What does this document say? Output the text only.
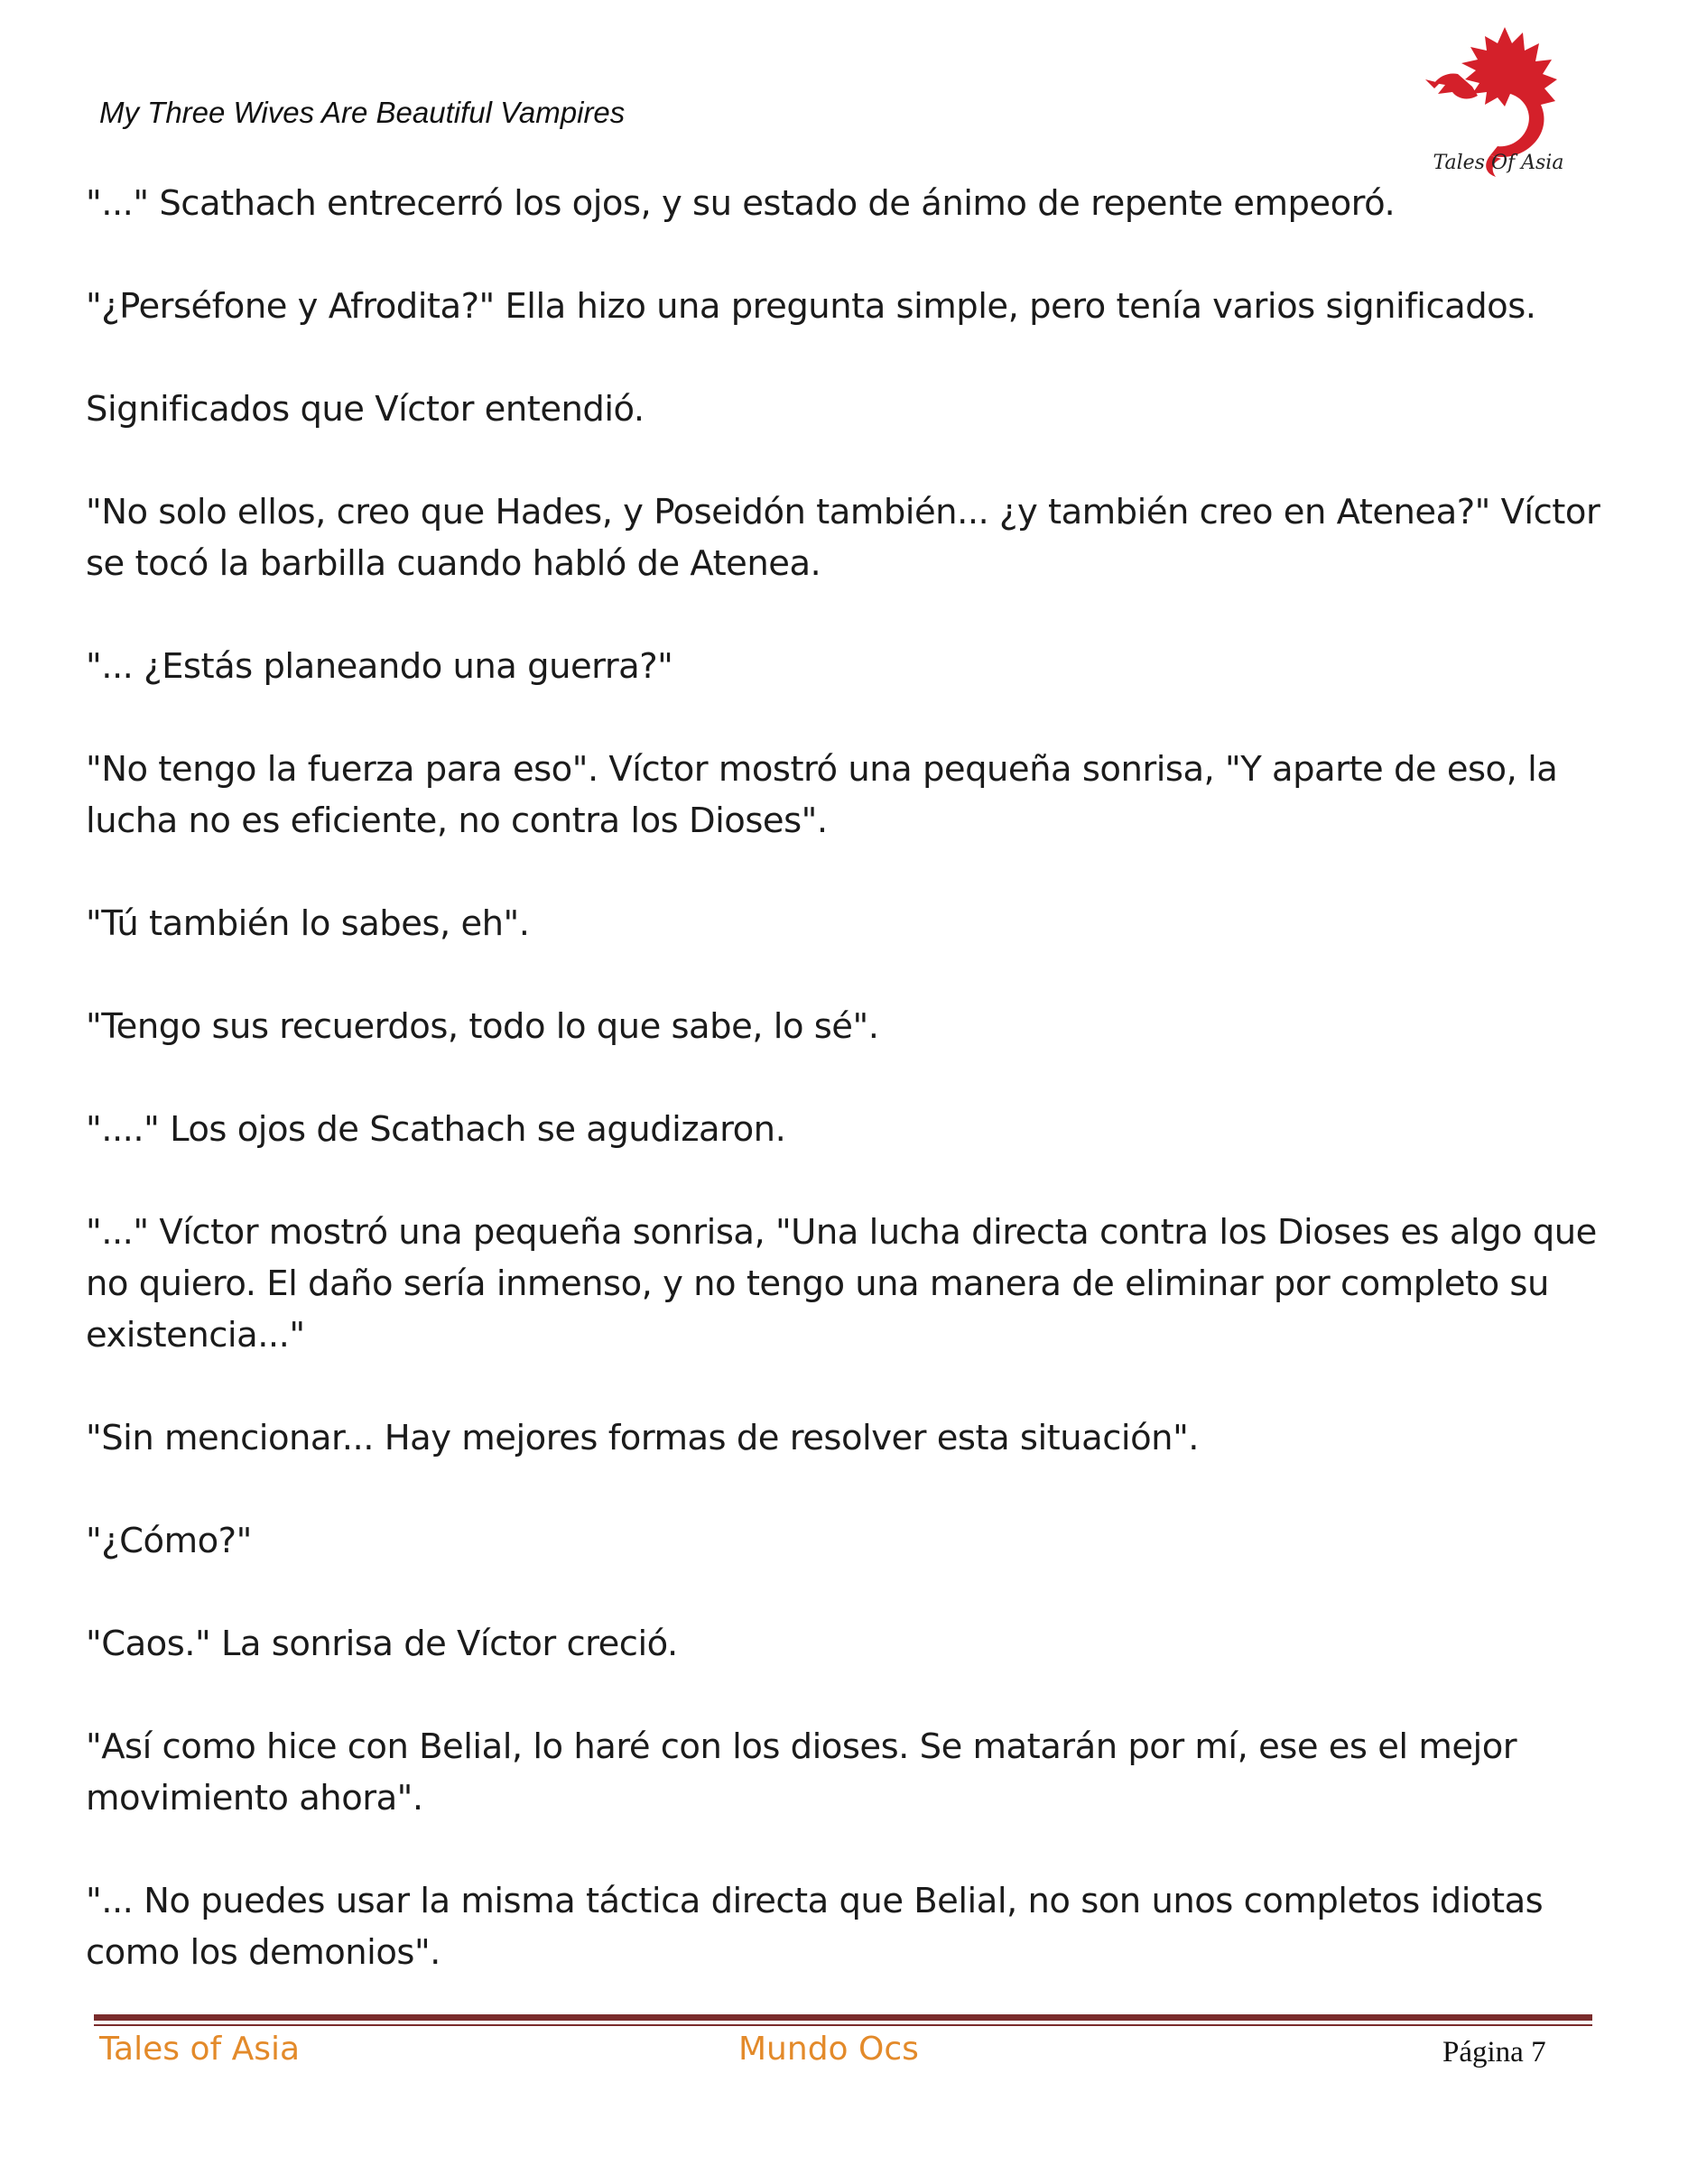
My Three Wives Are Beautiful Vampires
Tales Of Asia

"..." Scathach entrecerró los ojos, y su estado de ánimo de repente empeoró.

"¿Perséfone y Afrodita?" Ella hizo una pregunta simple, pero tenía varios significados.

Significados que Víctor entendió.

"No solo ellos, creo que Hades, y Poseidón también... ¿y también creo en Atenea?" Víctor se tocó la barbilla cuando habló de Atenea.

"... ¿Estás planeando una guerra?"

"No tengo la fuerza para eso". Víctor mostró una pequeña sonrisa, "Y aparte de eso, la lucha no es eficiente, no contra los Dioses".

"Tú también lo sabes, eh".

"Tengo sus recuerdos, todo lo que sabe, lo sé".

"...." Los ojos de Scathach se agudizaron.

"..." Víctor mostró una pequeña sonrisa, "Una lucha directa contra los Dioses es algo que no quiero. El daño sería inmenso, y no tengo una manera de eliminar por completo su existencia..."

"Sin mencionar... Hay mejores formas de resolver esta situación".

"¿Cómo?"

"Caos." La sonrisa de Víctor creció.

"Así como hice con Belial, lo haré con los dioses. Se matarán por mí, ese es el mejor movimiento ahora".

"... No puedes usar la misma táctica directa que Belial, no son unos completos idiotas como los demonios".

Tales of Asia	Mundo Ocs	Página 7
